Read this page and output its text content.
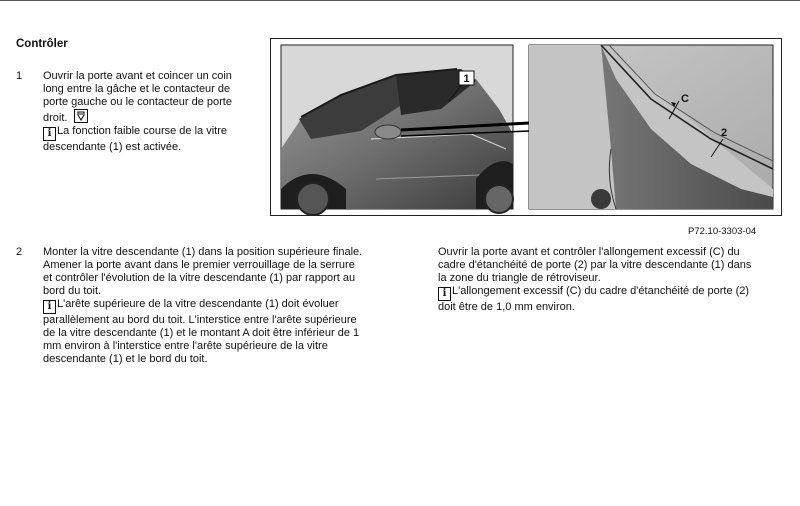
Contrôler
1 Ouvrir la porte avant et coincer un coin long entre la gâche et le contacteur de porte gauche ou le contacteur de porte droit.

i La fonction faible course de la vitre descendante (1) est activée.
1
C
2
P72.10-3303-04
2 Monter la vitre descendante (1) dans la position supérieure finale. Amener la porte avant dans le premier verrouillage de la serrure et contrôler l'évolution de la vitre descendante (1) par rapport au bord du toit.
i L'arête supérieure de la vitre descendante (1) doit évoluer parallèlement au bord du toit. L'interstice entre l'arête supérieure de la vitre descendante (1) et le montant A doit être inférieur de 1 mm environ à l'interstice entre l'arête supérieure de la vitre descendante (1) et le bord du toit.
Ouvrir la porte avant et contrôler l'allongement excessif (C) du cadre d'étanchéité de porte (2) par la vitre descendante (1) dans la zone du triangle de rétroviseur.
i L'allongement excessif (C) du cadre d'étanchéité de porte (2) doit être de 1,0 mm environ.
